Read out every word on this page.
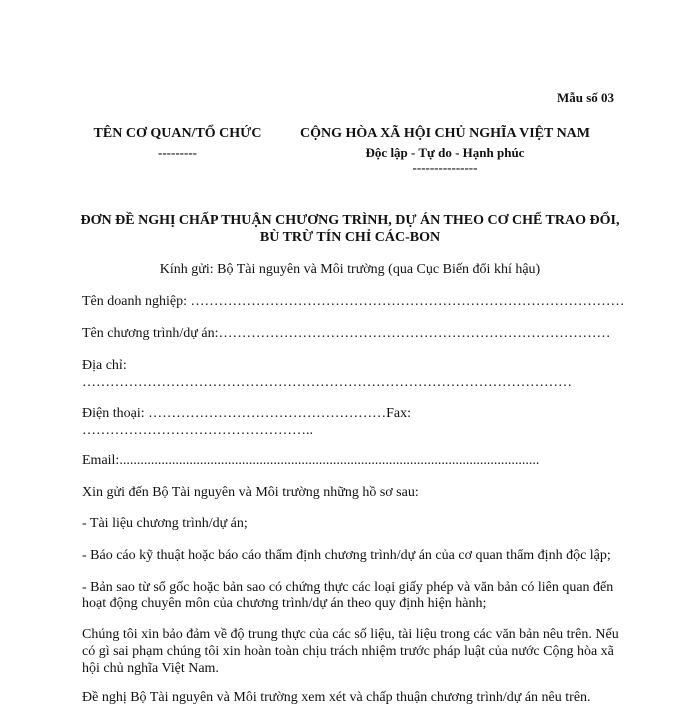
Mẫu số 03
TÊN CƠ QUAN/TỔ CHỨC
---------
CỘNG HÒA XÃ HỘI CHỦ NGHĨA VIỆT NAM
Độc lập - Tự do - Hạnh phúc
---------------
ĐƠN ĐỀ NGHỊ CHẤP THUẬN CHƯƠNG TRÌNH, DỰ ÁN THEO CƠ CHẾ TRAO ĐỔI,
BÙ TRỪ TÍN CHỈ CÁC-BON
Kính gửi: Bộ Tài nguyên và Môi trường (qua Cục Biến đổi khí hậu)
Tên doanh nghiệp: …………………………………………………………………………………
Tên chương trình/dự án:…………………………………………………………………………
Địa chỉ:
……………………………………………………………………………………………
Điện thoại: ……………………………………………Fax:
…………………………………………..
Email:........................................................................................................................
Xin gửi đến Bộ Tài nguyên và Môi trường những hồ sơ sau:
- Tài liệu chương trình/dự án;
- Báo cáo kỹ thuật hoặc báo cáo thẩm định chương trình/dự án của cơ quan thẩm định độc lập;
- Bản sao từ sổ gốc hoặc bản sao có chứng thực các loại giấy phép và văn bản có liên quan đến
hoạt động chuyên môn của chương trình/dự án theo quy định hiện hành;
Chúng tôi xin bảo đảm về độ trung thực của các số liệu, tài liệu trong các văn bản nêu trên. Nếu
có gì sai phạm chúng tôi xin hoàn toàn chịu trách nhiệm trước pháp luật của nước Cộng hòa xã
hội chủ nghĩa Việt Nam.
Đề nghị Bộ Tài nguyên và Môi trường xem xét và chấp thuận chương trình/dự án nêu trên.
